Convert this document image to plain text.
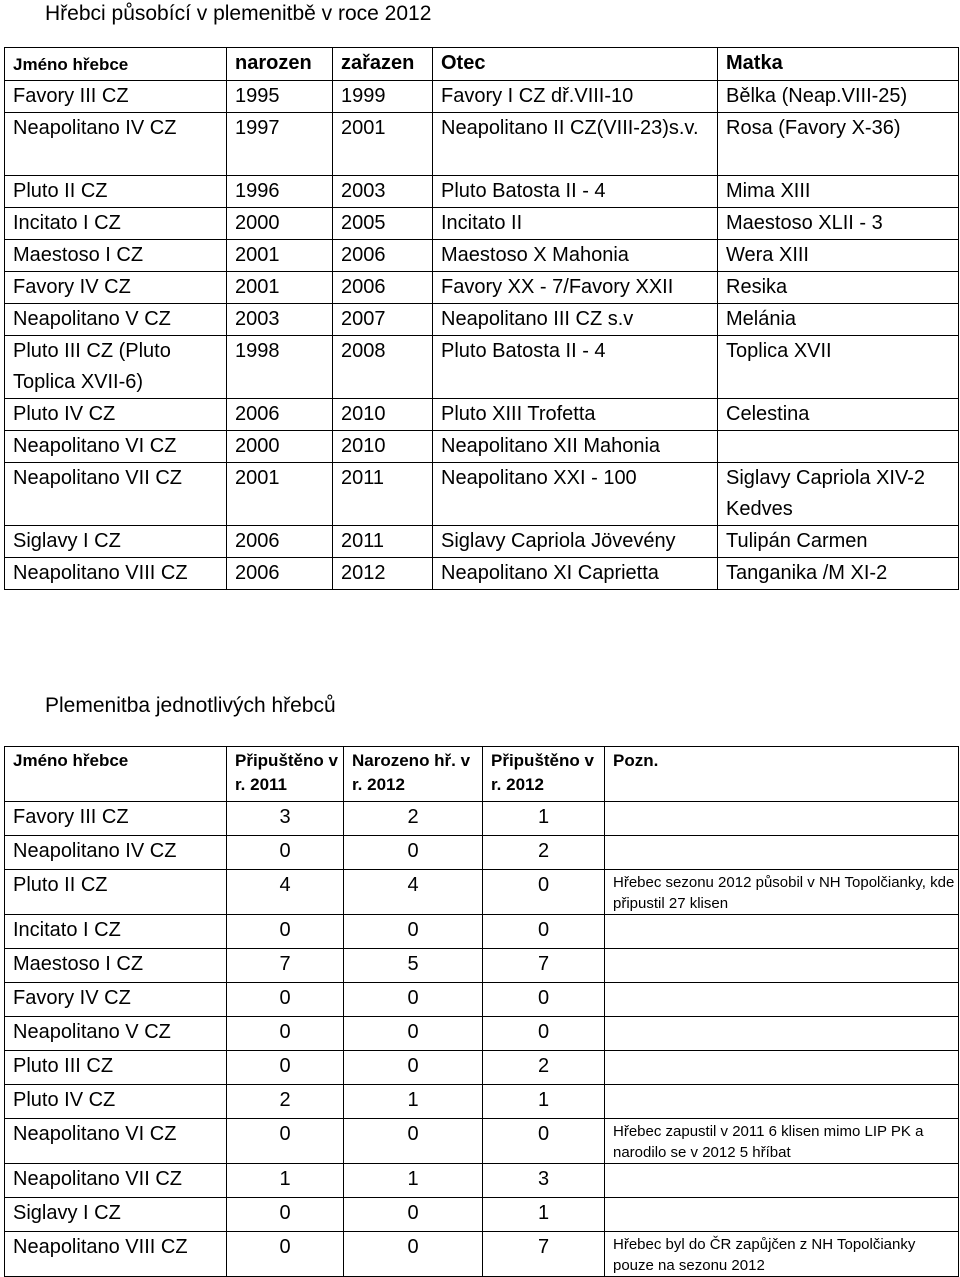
Hřebci působící v plemenitbě v roce 2012
Jméno hřebce	narozen	zařazen	Otec	Matka
Favory III CZ	1995	1999	Favory I CZ dř.VIII-10	Bělka (Neap.VIII-25)
Neapolitano IV CZ	1997	2001	Neapolitano II CZ(VIII-23)s.v.	Rosa (Favory X-36)
Pluto II CZ	1996	2003	Pluto Batosta II - 4	Mima XIII
Incitato I CZ	2000	2005	Incitato II	Maestoso XLII - 3
Maestoso I CZ	2001	2006	Maestoso X Mahonia	Wera XIII
Favory IV CZ	2001	2006	Favory XX - 7/Favory XXII	Resika
Neapolitano V CZ	2003	2007	Neapolitano III CZ s.v	Melánia
Pluto III CZ (Pluto Toplica XVII-6)	1998	2008	Pluto Batosta II - 4	Toplica XVII
Pluto IV CZ	2006	2010	Pluto XIII Trofetta	Celestina
Neapolitano VI CZ	2000	2010	Neapolitano XII Mahonia	
Neapolitano VII CZ	2001	2011	Neapolitano XXI - 100	Siglavy Capriola XIV-2 Kedves
Siglavy I CZ	2006	2011	Siglavy Capriola Jövevény	Tulipán Carmen
Neapolitano VIII CZ	2006	2012	Neapolitano XI Caprietta	Tanganika /M XI-2
Plemenitba jednotlivých hřebců
Jméno hřebce	Připuštěno v r. 2011	Narozeno hř. v r. 2012	Připuštěno v r. 2012	Pozn.
Favory III CZ	3	2	1	
Neapolitano IV CZ	0	0	2	
Pluto II CZ	4	4	0	Hřebec sezonu 2012 působil v NH Topolčianky, kde připustil 27 klisen
Incitato I CZ	0	0	0	
Maestoso I CZ	7	5	7	
Favory IV CZ	0	0	0	
Neapolitano V CZ	0	0	0	
Pluto III CZ	0	0	2	
Pluto IV CZ	2	1	1	
Neapolitano VI CZ	0	0	0	Hřebec zapustil v 2011 6 klisen mimo LIP PK a narodilo se v 2012 5 hříbat
Neapolitano VII CZ	1	1	3	
Siglavy I CZ	0	0	1	
Neapolitano VIII CZ	0	0	7	Hřebec byl do ČR zapůjčen z NH Topolčianky pouze na sezonu 2012
